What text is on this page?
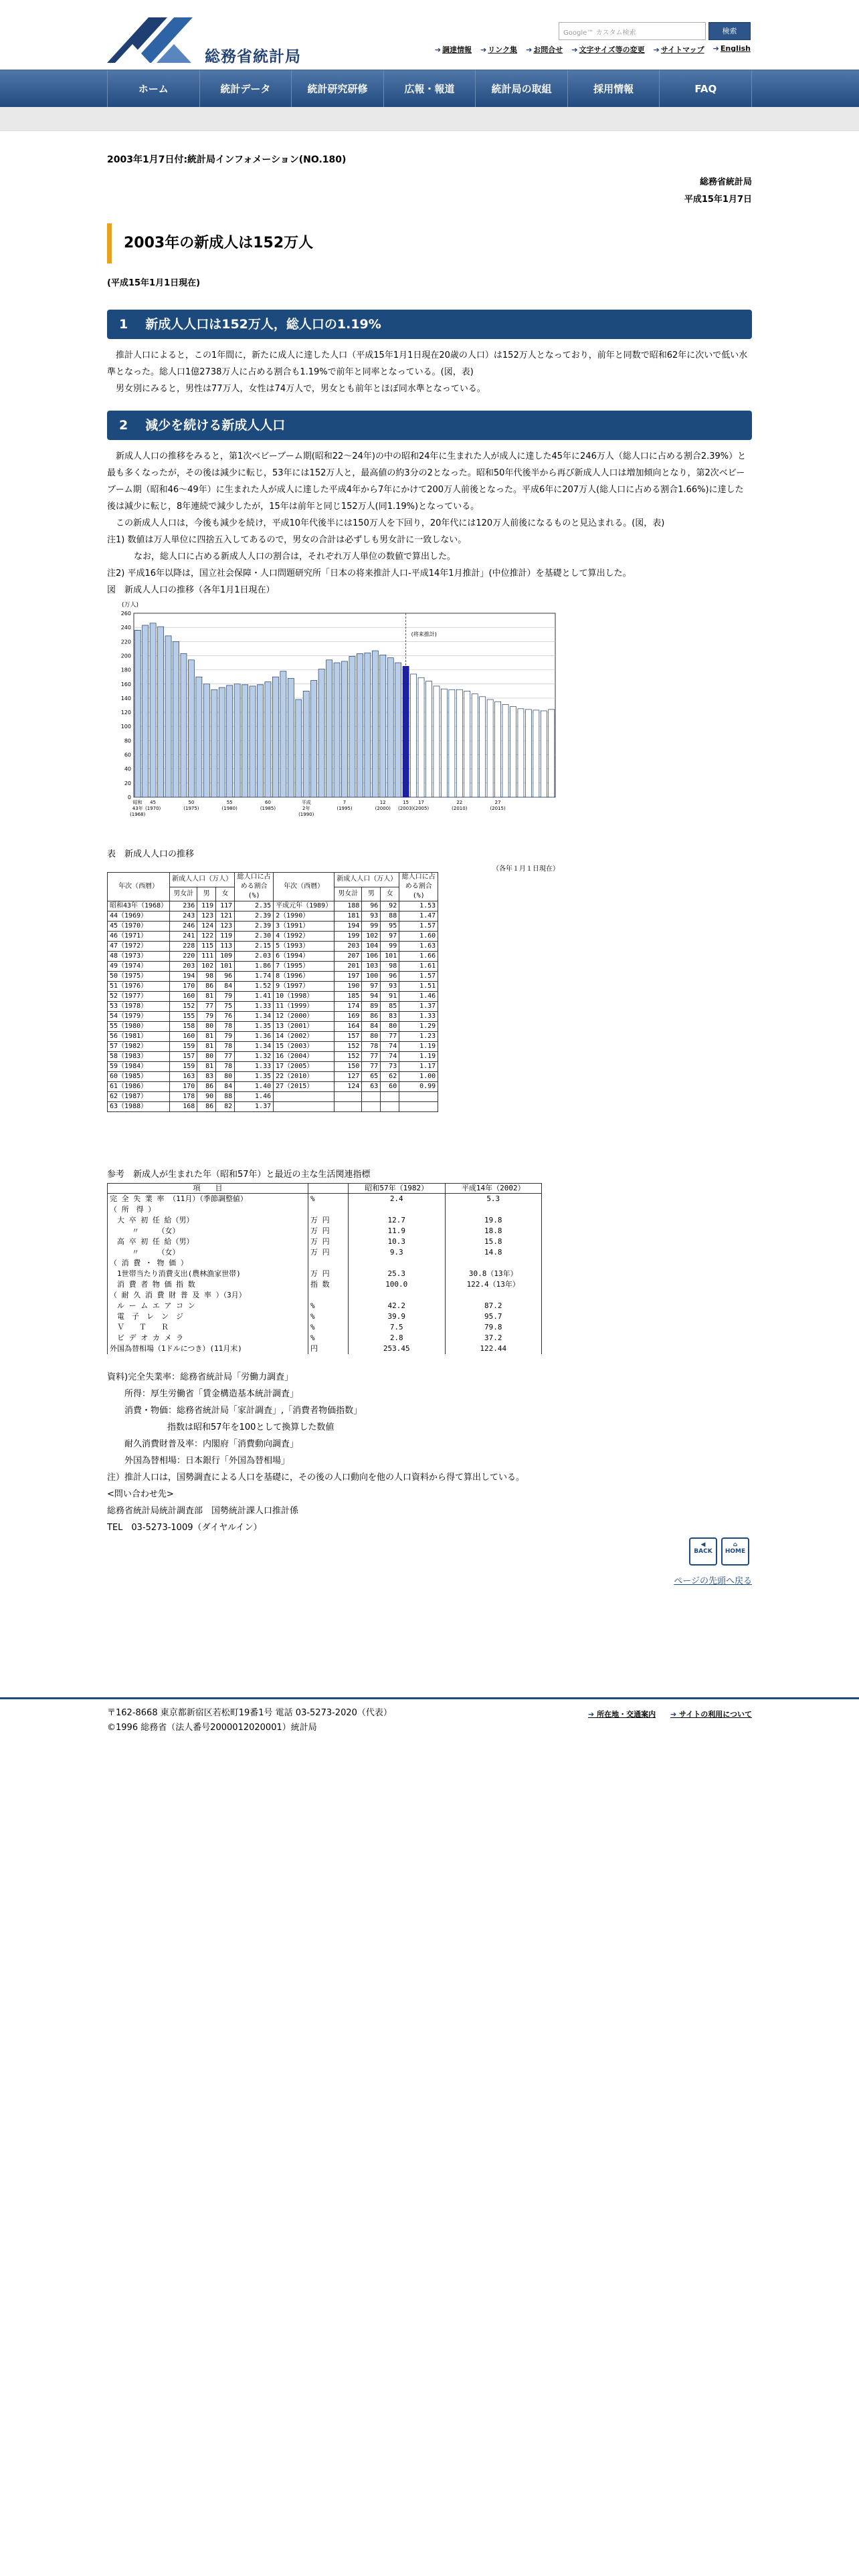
総務省統計局
Google™ カスタム検索	検索
➔ 調達情報	➔ リンク集	➔ お問合せ	➔ 文字サイズ等の変更	➔ サイトマップ	➔ English
ホーム	統計データ	統計研究研修	広報・報道	統計局の取組	採用情報	FAQ
2003年1月7日付:統計局インフォメーション(NO.180)
総務省統計局
平成15年1月7日
2003年の新成人は152万人
(平成15年1月1日現在)
1 新成人人口は152万人，総人口の1.19%

推計人口によると，この1年間に，新たに成人に達した人口（平成15年1月1日現在20歳の人口）は152万人となっており，前年と同数で昭和62年に次いで低い水準となった。総人口1億2738万人に占める割合も1.19%で前年と同率となっている。(図，表)

男女別にみると，男性は77万人，女性は74万人で，男女とも前年とほぼ同水準となっている。

2 減少を続ける新成人人口

新成人人口の推移をみると，第1次ベビーブーム期(昭和22～24年)の中の昭和24年に生まれた人が成人に達した45年に246万人（総人口に占める割合2.39%）と最も多くなったが，その後は減少に転じ，53年には152万人と，最高値の約3分の2となった。昭和50年代後半から再び新成人人口は増加傾向となり，第2次ベビーブーム期（昭和46～49年）に生まれた人が成人に達した平成4年から7年にかけて200万人前後となった。平成6年に207万人(総人口に占める割合1.66%)に達した後は減少に転じ，8年連続で減少したが，15年は前年と同じ152万人(同1.19%)となっている。

この新成人人口は，今後も減少を続け，平成10年代後半には150万人を下回り，20年代には120万人前後になるものと見込まれる。(図，表)

注1) 数値は万人単位に四捨五入してあるので，男女の合計は必ずしも男女計に一致しない。
なお，総人口に占める新成人人口の割合は，それぞれ万人単位の数値で算出した。
注2) 平成16年以降は，国立社会保障・人口問題研究所「日本の将来推計人口-平成14年1月推計」(中位推計）を基礎として算出した。
図　新成人人口の推移（各年1月1日現在）
(万人)
0
20
40
60
80
100
120
140
160
180
200
220
240
260
(将来推計)
昭和
43年
(1968)
45
(1970)
50
(1975)
55
(1980)
60
(1985)
平成
2年
(1990)
7
(1995)
12
(2000)
15
(2003)
17
(2005)
22
(2010)
27
(2015)
表　新成人人口の推移
（各年１月１日現在）
年次（西暦）	新成人人口（万人）			総人口に占める割合(%)	年次（西暦）	新成人人口（万人）			総人口に占める割合(%)
	男女計	男	女			男女計	男	女	
昭和43年（1968）	236	119	117	2.35	平成元年（1989）	188	96	92	1.53
44（1969）	243	123	121	2.39	2（1990）	181	93	88	1.47
45（1970）	246	124	123	2.39	3（1991）	194	99	95	1.57
46（1971）	241	122	119	2.30	4（1992）	199	102	97	1.60
47（1972）	228	115	113	2.15	5（1993）	203	104	99	1.63
48（1973）	220	111	109	2.03	6（1994）	207	106	101	1.66
49（1974）	203	102	101	1.86	7（1995）	201	103	98	1.61
50（1975）	194	98	96	1.74	8（1996）	197	100	96	1.57
51（1976）	170	86	84	1.52	9（1997）	190	97	93	1.51
52（1977）	160	81	79	1.41	10（1998）	185	94	91	1.46
53（1978）	152	77	75	1.33	11（1999）	174	89	85	1.37
54（1979）	155	79	76	1.34	12（2000）	169	86	83	1.33
55（1980）	158	80	78	1.35	13（2001）	164	84	80	1.29
56（1981）	160	81	79	1.36	14（2002）	157	80	77	1.23
57（1982）	159	81	78	1.34	15（2003）	152	78	74	1.19
58（1983）	157	80	77	1.32	16（2004）	152	77	74	1.19
59（1984）	159	81	78	1.33	17（2005）	150	77	73	1.17
60（1985）	163	83	80	1.35	22（2010）	127	65	62	1.00
61（1986）	170	86	84	1.40	27（2015）	124	63	60	0.99
62（1987）	178	90	88	1.46					
63（1988）	168	86	82	1.37					
参考　新成人が生まれた年（昭和57年）と最近の主な生活関連指標
項　　目		昭和57年（1982）	平成14年（2002）
完 全 失 業 率 （11月）（季節調整値）	%	2.4	5.3

（ 所　得 ）			
　大 卒 初 任 給（男）	万 円	12.7	19.8
　　　〃　　　（女）	万 円	11.9	18.8
　高 卒 初 任 給（男）	万 円	10.3	15.8
　　　〃　　　（女）	万 円	9.3	14.8

（ 消 費 ・ 物 価 ）			
　1世帯当たり消費支出(農林漁家世帯)	万 円	25.3	30.8（13年）
　消 費 者 物 価 指 数	指 数	100.0	122.4（13年）

（ 耐 久 消 費 財 普 及 率 ）（3月）			
　ル ー ム エ ア コ ン	%	42.2	87.2
　電　子　レ　ン　ジ	%	39.9	95.7
　Ｖ　　Ｔ　　Ｒ	%	7.5	79.8
　ビ デ オ カ メ ラ	%	2.8	37.2

外国為替相場（1ドルにつき）(11月末)	円	253.45	122.44
資料)完全失業率：総務省統計局「労働力調査」
所得：厚生労働省「賃金構造基本統計調査」
消費・物価：総務省統計局「家計調査」,「消費者物価指数」
指数は昭和57年を100として換算した数値
耐久消費財普及率：内閣府「消費動向調査」
外国為替相場：日本銀行「外国為替相場」
注）推計人口は，国勢調査による人口を基礎に，その後の人口動向を他の人口資料から得て算出している。
<問い合わせ先>
総務省統計局統計調査部　国勢統計課人口推計係
TEL　03-5273-1009（ダイヤルイン）
◀
BACK⌂
HOME
ページの先頭へ戻る
〒162-8668 東京都新宿区若松町19番1号 電話 03-5273-2020（代表）
©1996 総務省（法人番号2000012020001）統計局
➔ 所在地・交通案内	➔ サイトの利用について
